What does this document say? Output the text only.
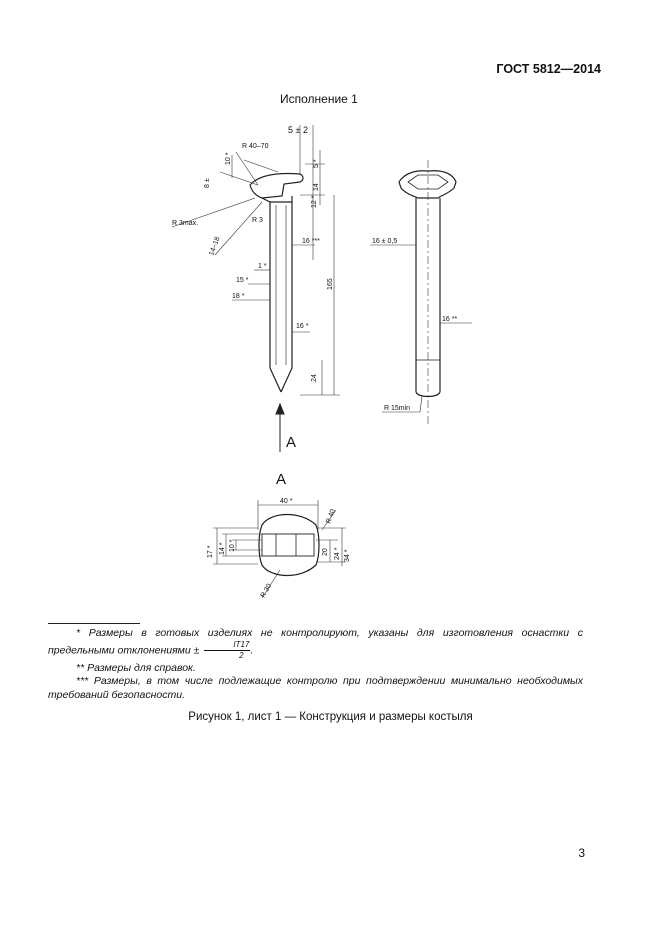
ГОСТ 5812—2014
Исполнение 1
А
А
5 ± 2
R 40–70
10 *
8 ±
5 *
14
R 3max.
12 *
14–18
R 3
16 ***
1 *
15 *
18 *
165
16 *
24
16 ± 0,5
16 **
R 15min
40 *
R 40
17 * 14 * 10 *
20 24 * 34 *
R 30
* Размеры в готовых изделиях не контролируют, указаны для изготовления оснастки с предельными отклонениями ± $\frac{IT17}{2}$ .
** Размеры для справок.
*** Размеры, в том числе подлежащие контролю при подтверждении минимально необходимых требований безопасности.
Рисунок 1, лист 1 — Конструкция и размеры костыля
3
